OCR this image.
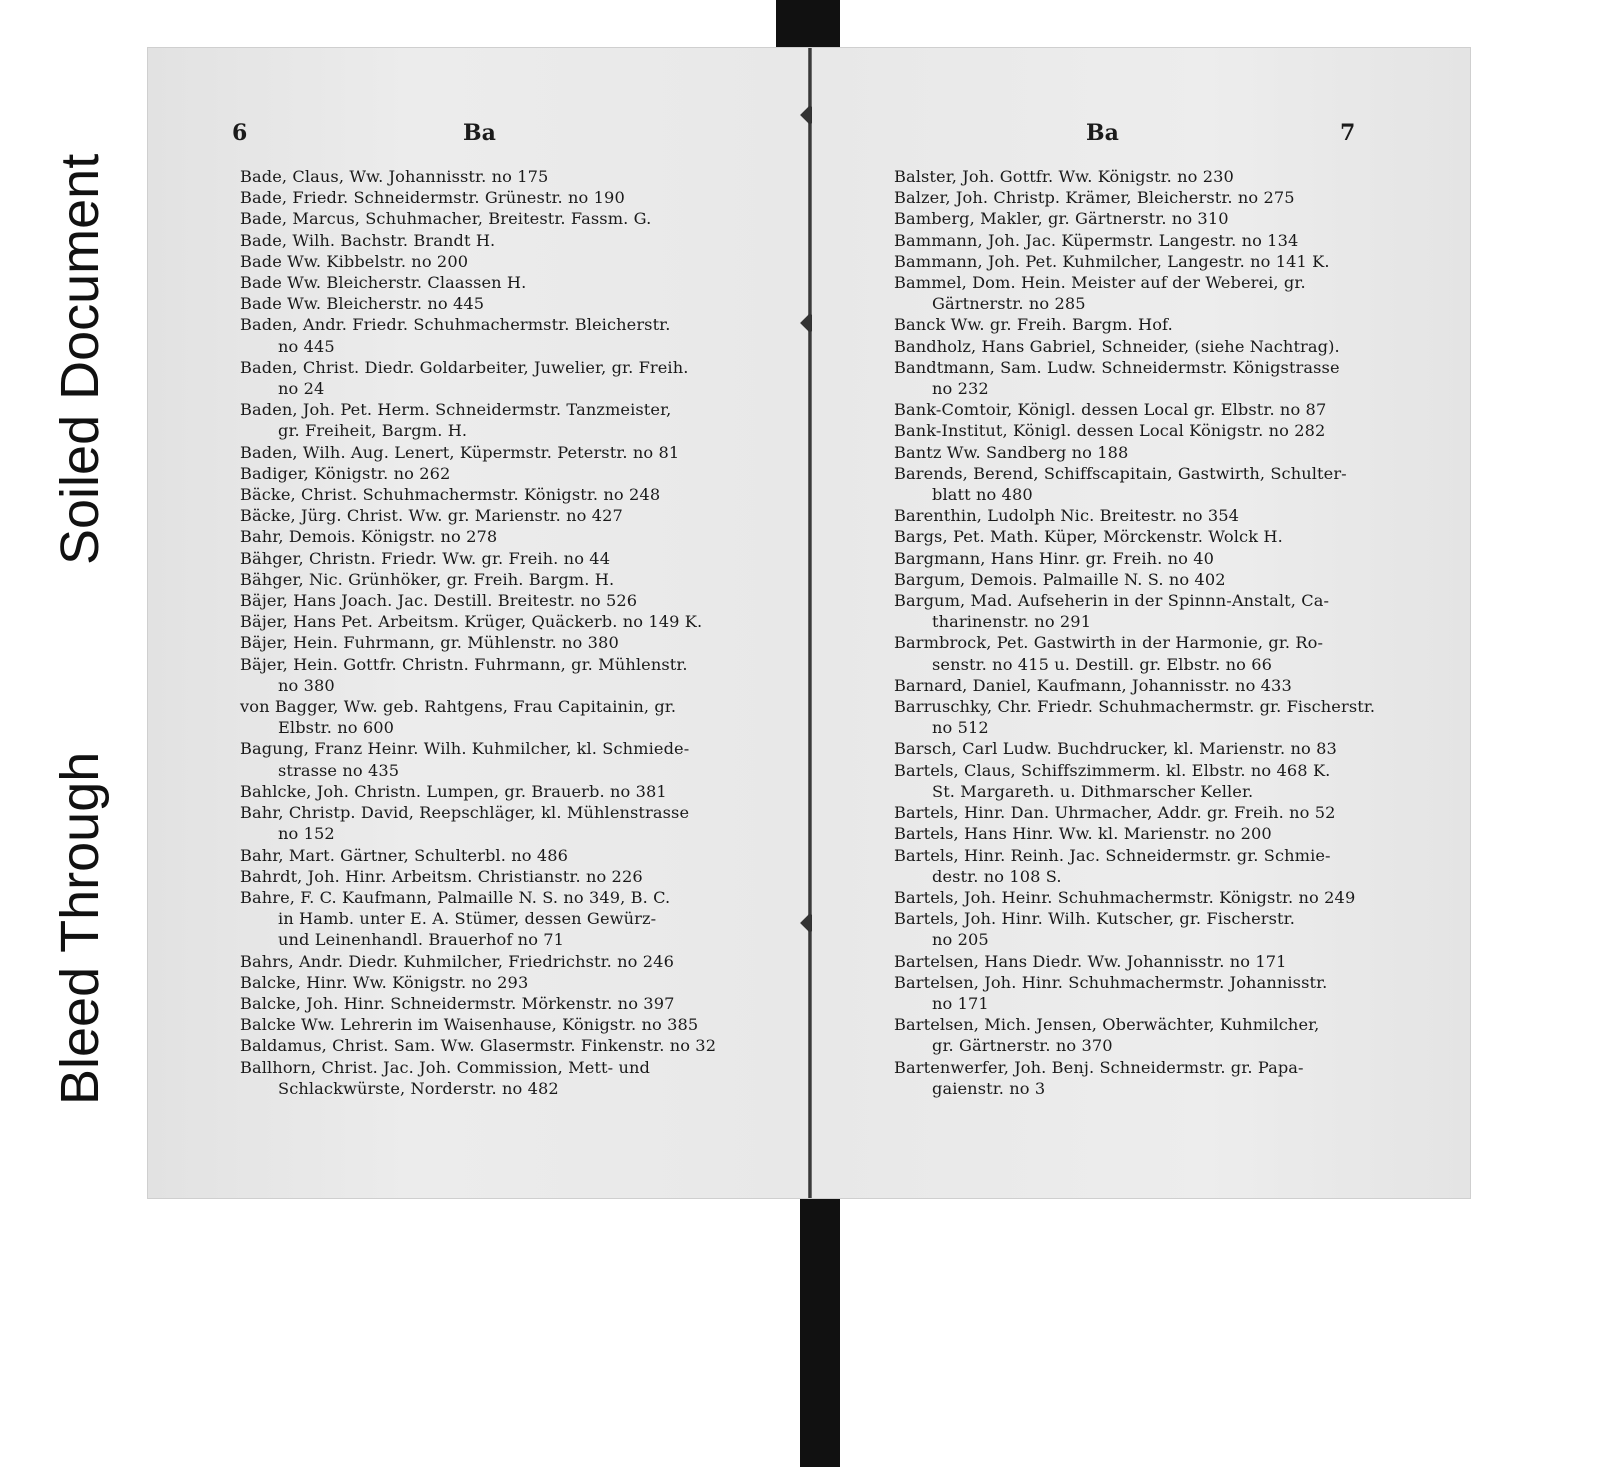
Bleed Through
Soiled Document
6	Ba
Bade, Claus, Ww. Johannisstr. no 175
Bade, Friedr. Schneidermstr. Grünestr. no 190
Bade, Marcus, Schuhmacher, Breitestr. Fassm. G.
Bade, Wilh. Bachstr. Brandt H.
Bade Ww. Kibbelstr. no 200
Bade Ww. Bleicherstr. Claassen H.
Bade Ww. Bleicherstr. no 445
Baden, Andr. Friedr. Schuhmachermstr. Bleicherstr.

no 445
Baden, Christ. Diedr. Goldarbeiter, Juwelier, gr. Freih.

no 24
Baden, Joh. Pet. Herm. Schneidermstr. Tanzmeister,

gr. Freiheit, Bargm. H.
Baden, Wilh. Aug. Lenert, Küpermstr. Peterstr. no 81
Badiger, Königstr. no 262
Bäcke, Christ. Schuhmachermstr. Königstr. no 248
Bäcke, Jürg. Christ. Ww. gr. Marienstr. no 427
Bahr, Demois. Königstr. no 278
Bähger, Christn. Friedr. Ww. gr. Freih. no 44
Bähger, Nic. Grünhöker, gr. Freih. Bargm. H.
Bäjer, Hans Joach. Jac. Destill. Breitestr. no 526
Bäjer, Hans Pet. Arbeitsm. Krüger, Quäckerb. no 149 K.
Bäjer, Hein. Fuhrmann, gr. Mühlenstr. no 380
Bäjer, Hein. Gottfr. Christn. Fuhrmann, gr. Mühlenstr.

no 380
von Bagger, Ww. geb. Rahtgens, Frau Capitainin, gr.

Elbstr. no 600
Bagung, Franz Heinr. Wilh. Kuhmilcher, kl. Schmiede-

strasse no 435
Bahlcke, Joh. Christn. Lumpen, gr. Brauerb. no 381
Bahr, Christp. David, Reepschläger, kl. Mühlenstrasse

no 152
Bahr, Mart. Gärtner, Schulterbl. no 486
Bahrdt, Joh. Hinr. Arbeitsm. Christianstr. no 226
Bahre, F. C. Kaufmann, Palmaille N. S. no 349, B. C.

in Hamb. unter E. A. Stümer, dessen Gewürz-
und Leinenhandl. Brauerhof no 71
Bahrs, Andr. Diedr. Kuhmilcher, Friedrichstr. no 246
Balcke, Hinr. Ww. Königstr. no 293
Balcke, Joh. Hinr. Schneidermstr. Mörkenstr. no 397
Balcke Ww. Lehrerin im Waisenhause, Königstr. no 385
Baldamus, Christ. Sam. Ww. Glasermstr. Finkenstr. no 32
Ballhorn, Christ. Jac. Joh. Commission, Mett- und

Schlackwürste, Norderstr. no 482
Ba	7
Balster, Joh. Gottfr. Ww. Königstr. no 230
Balzer, Joh. Christp. Krämer, Bleicherstr. no 275
Bamberg, Makler, gr. Gärtnerstr. no 310
Bammann, Joh. Jac. Küpermstr. Langestr. no 134
Bammann, Joh. Pet. Kuhmilcher, Langestr. no 141 K.
Bammel, Dom. Hein. Meister auf der Weberei, gr.

Gärtnerstr. no 285
Banck Ww. gr. Freih. Bargm. Hof.
Bandholz, Hans Gabriel, Schneider, (siehe Nachtrag).
Bandtmann, Sam. Ludw. Schneidermstr. Königstrasse

no 232
Bank-Comtoir, Königl. dessen Local gr. Elbstr. no 87
Bank-Institut, Königl. dessen Local Königstr. no 282
Bantz Ww. Sandberg no 188
Barends, Berend, Schiffscapitain, Gastwirth, Schulter-

blatt no 480
Barenthin, Ludolph Nic. Breitestr. no 354
Bargs, Pet. Math. Küper, Mörckenstr. Wolck H.
Bargmann, Hans Hinr. gr. Freih. no 40
Bargum, Demois. Palmaille N. S. no 402
Bargum, Mad. Aufseherin in der Spinnn-Anstalt, Ca-

tharinenstr. no 291
Barmbrock, Pet. Gastwirth in der Harmonie, gr. Ro-

senstr. no 415 u. Destill. gr. Elbstr. no 66
Barnard, Daniel, Kaufmann, Johannisstr. no 433
Barruschky, Chr. Friedr. Schuhmachermstr. gr. Fischerstr.

no 512
Barsch, Carl Ludw. Buchdrucker, kl. Marienstr. no 83
Bartels, Claus, Schiffszimmerm. kl. Elbstr. no 468 K.

St. Margareth. u. Dithmarscher Keller.
Bartels, Hinr. Dan. Uhrmacher, Addr. gr. Freih. no 52
Bartels, Hans Hinr. Ww. kl. Marienstr. no 200
Bartels, Hinr. Reinh. Jac. Schneidermstr. gr. Schmie-

destr. no 108 S.
Bartels, Joh. Heinr. Schuhmachermstr. Königstr. no 249
Bartels, Joh. Hinr. Wilh. Kutscher, gr. Fischerstr.

no 205
Bartelsen, Hans Diedr. Ww. Johannisstr. no 171
Bartelsen, Joh. Hinr. Schuhmachermstr. Johannisstr.

no 171
Bartelsen, Mich. Jensen, Oberwächter, Kuhmilcher,

gr. Gärtnerstr. no 370
Bartenwerfer, Joh. Benj. Schneidermstr. gr. Papa-

gaienstr. no 3
